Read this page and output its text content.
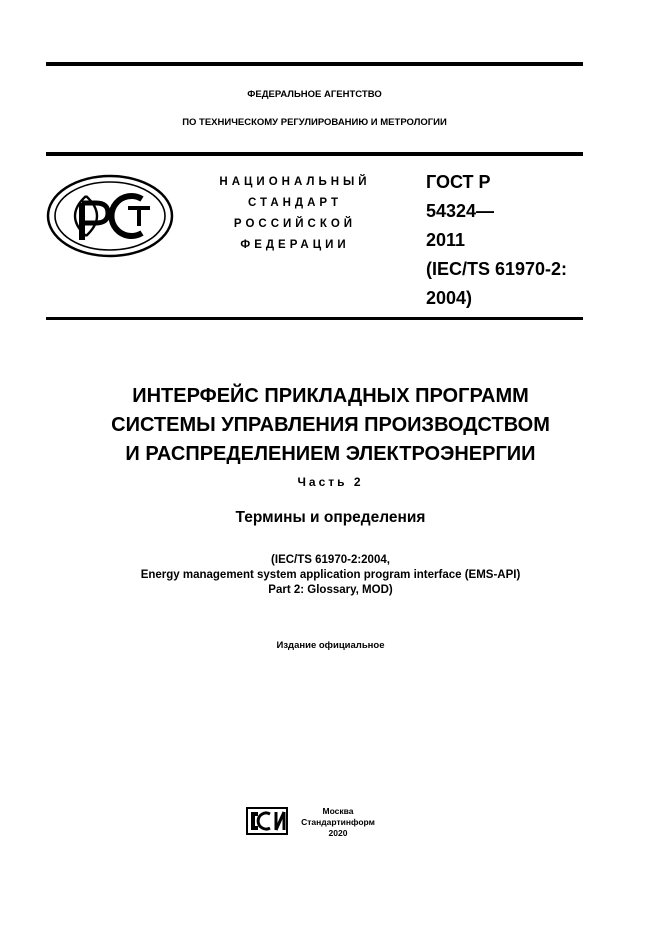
ФЕДЕРАЛЬНОЕ АГЕНТСТВО
ПО ТЕХНИЧЕСКОМУ РЕГУЛИРОВАНИЮ И МЕТРОЛОГИИ
НАЦИОНАЛЬНЫЙ
СТАНДАРТ
РОССИЙСКОЙ
ФЕДЕРАЦИИ
ГОСТ Р
54324—
2011
(IEC/TS 61970-2:
2004)
ИНТЕРФЕЙС ПРИКЛАДНЫХ ПРОГРАММ
СИСТЕМЫ УПРАВЛЕНИЯ ПРОИЗВОДСТВОМ
И РАСПРЕДЕЛЕНИЕМ ЭЛЕКТРОЭНЕРГИИ
Часть 2
Термины и определения
(IEC/TS 61970-2:2004,
Energy management system application program interface (EMS-API)
Part 2: Glossary, MOD)
Издание официальное
Москва
Стандартинформ
2020
